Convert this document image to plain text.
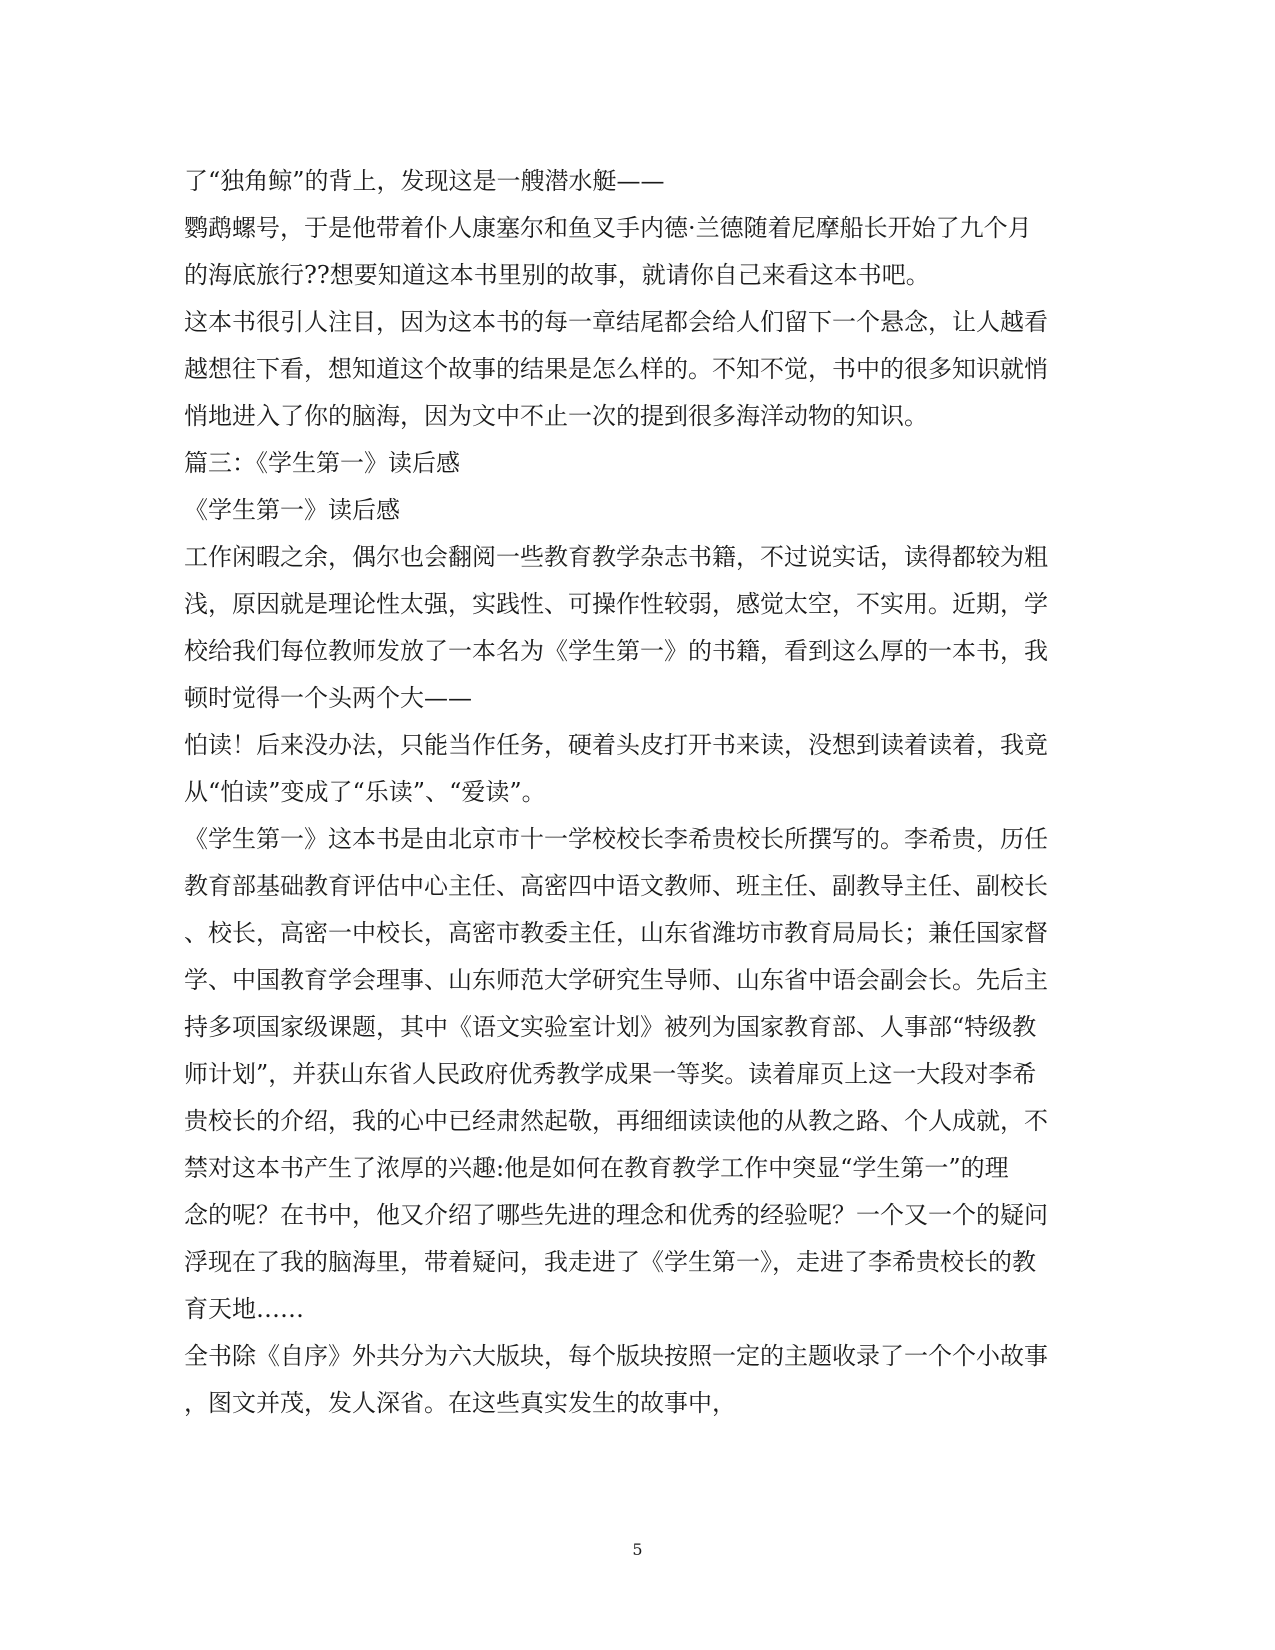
了“独角鲸”的背上，发现这是一艘潜水艇——
鹦鹉螺号，于是他带着仆人康塞尔和鱼叉手内德·兰德随着尼摩船长开始了九个月
的海底旅行??想要知道这本书里别的故事，就请你自己来看这本书吧。
这本书很引人注目，因为这本书的每一章结尾都会给人们留下一个悬念，让人越看
越想往下看，想知道这个故事的结果是怎么样的。不知不觉，书中的很多知识就悄
悄地进入了你的脑海，因为文中不止一次的提到很多海洋动物的知识。
篇三：《学生第一》读后感
《学生第一》读后感
工作闲暇之余，偶尔也会翻阅一些教育教学杂志书籍，不过说实话，读得都较为粗
浅，原因就是理论性太强，实践性、可操作性较弱，感觉太空，不实用。近期，学
校给我们每位教师发放了一本名为《学生第一》的书籍，看到这么厚的一本书，我
顿时觉得一个头两个大——
怕读！后来没办法，只能当作任务，硬着头皮打开书来读，没想到读着读着，我竟
从“怕读”变成了“乐读”、“爱读”。
《学生第一》这本书是由北京市十一学校校长李希贵校长所撰写的。李希贵，历任
教育部基础教育评估中心主任、高密四中语文教师、班主任、副教导主任、副校长
、校长，高密一中校长，高密市教委主任，山东省潍坊市教育局局长；兼任国家督
学、中国教育学会理事、山东师范大学研究生导师、山东省中语会副会长。先后主
持多项国家级课题，其中《语文实验室计划》被列为国家教育部、人事部“特级教
师计划”，并获山东省人民政府优秀教学成果一等奖。读着扉页上这一大段对李希
贵校长的介绍，我的心中已经肃然起敬，再细细读读他的从教之路、个人成就，不
禁对这本书产生了浓厚的兴趣:他是如何在教育教学工作中突显“学生第一”的理
念的呢？在书中，他又介绍了哪些先进的理念和优秀的经验呢？一个又一个的疑问
浮现在了我的脑海里，带着疑问，我走进了《学生第一》，走进了李希贵校长的教
育天地……
全书除《自序》外共分为六大版块，每个版块按照一定的主题收录了一个个小故事
，图文并茂，发人深省。在这些真实发生的故事中，
5
